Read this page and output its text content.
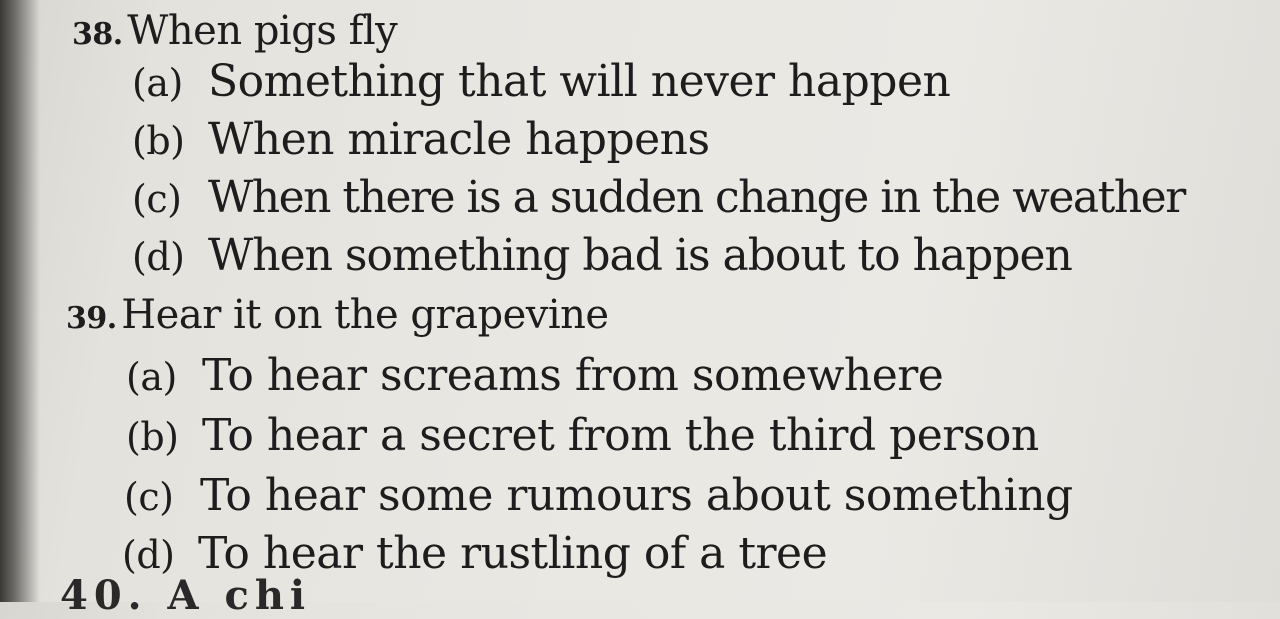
38. When pigs fly
(a) Something that will never happen
(b) When miracle happens
(c) When there is a sudden change in the weather
(d) When something bad is about to happen
39. Hear it on the grapevine
(a) To hear screams from somewhere
(b) To hear a secret from the third person
(c) To hear some rumours about something
(d) To hear the rustling of a tree
40. A chi
